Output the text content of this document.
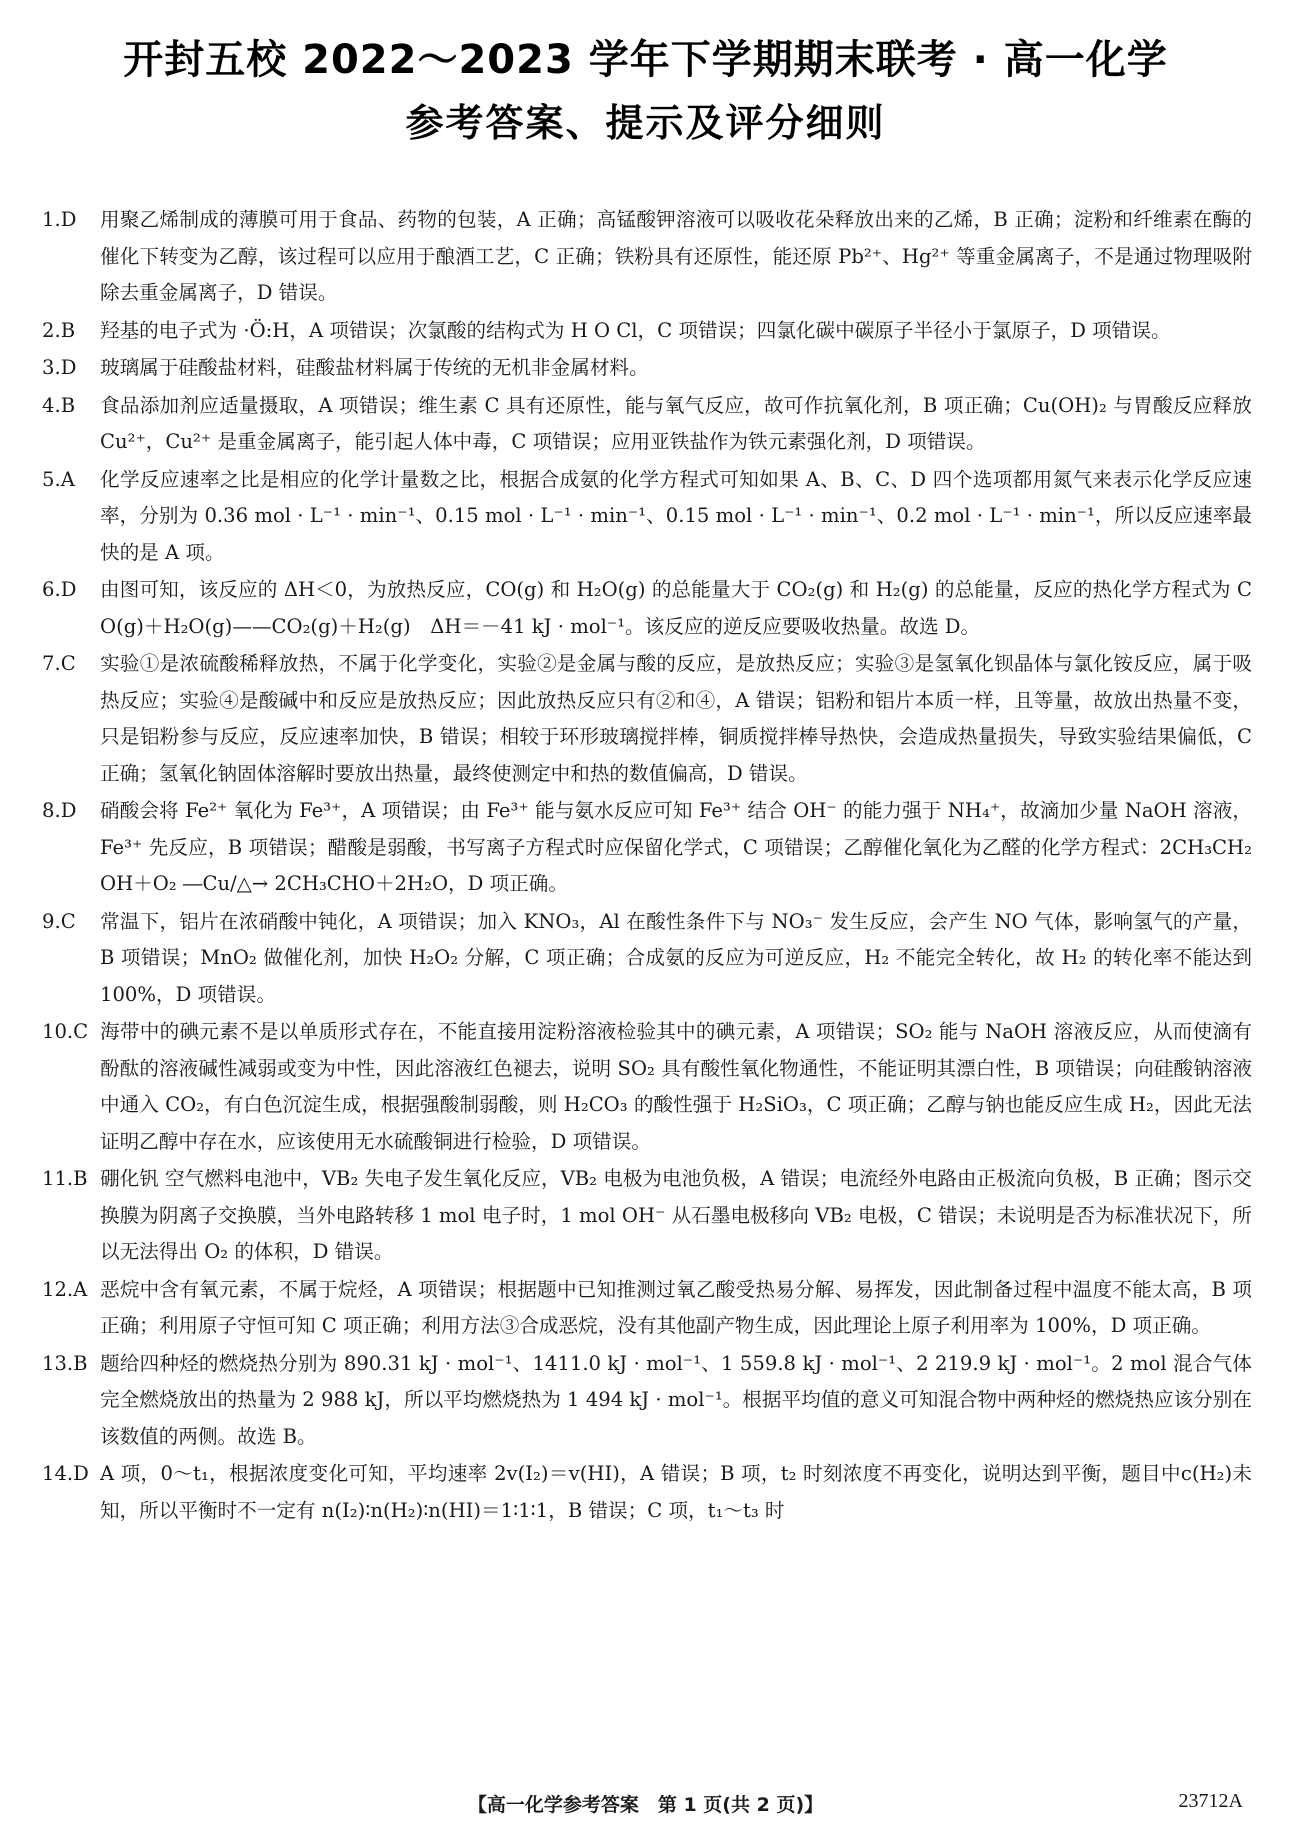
开封五校 2022～2023 学年下学期期末联考 · 高一化学
参考答案、提示及评分细则
1.D 用聚乙烯制成的薄膜可用于食品、药物的包装，A 正确；高锰酸钾溶液可以吸收花朵释放出来的乙烯，B 正确；淀粉和纤维素在酶的催化下转变为乙醇，该过程可以应用于酿酒工艺，C 正确；铁粉具有还原性，能还原 Pb²⁺、Hg²⁺ 等重金属离子，不是通过物理吸附除去重金属离子，D 错误。
2.B 羟基的电子式为 ·Ö:H，A 项错误；次氯酸的结构式为 H O Cl，C 项错误；四氯化碳中碳原子半径小于氯原子，D 项错误。
3.D 玻璃属于硅酸盐材料，硅酸盐材料属于传统的无机非金属材料。
4.B 食品添加剂应适量摄取，A 项错误；维生素 C 具有还原性，能与氧气反应，故可作抗氧化剂，B 项正确；Cu(OH)₂ 与胃酸反应释放 Cu²⁺，Cu²⁺ 是重金属离子，能引起人体中毒，C 项错误；应用亚铁盐作为铁元素强化剂，D 项错误。
5.A 化学反应速率之比是相应的化学计量数之比，根据合成氨的化学方程式可知如果 A、B、C、D 四个选项都用氮气来表示化学反应速率，分别为 0.36 mol · L⁻¹ · min⁻¹、0.15 mol · L⁻¹ · min⁻¹、0.15 mol · L⁻¹ · min⁻¹、0.2 mol · L⁻¹ · min⁻¹，所以反应速率最快的是 A 项。
6.D 由图可知，该反应的 ΔH＜0，为放热反应，CO(g) 和 H₂O(g) 的总能量大于 CO₂(g) 和 H₂(g) 的总能量，反应的热化学方程式为 CO(g)＋H₂O(g)——CO₂(g)＋H₂(g)　ΔH＝－41 kJ · mol⁻¹。该反应的逆反应要吸收热量。故选 D。
7.C 实验①是浓硫酸稀释放热，不属于化学变化，实验②是金属与酸的反应，是放热反应；实验③是氢氧化钡晶体与氯化铵反应，属于吸热反应；实验④是酸碱中和反应是放热反应；因此放热反应只有②和④，A 错误；铝粉和铝片本质一样，且等量，故放出热量不变，只是铝粉参与反应，反应速率加快，B 错误；相较于环形玻璃搅拌棒，铜质搅拌棒导热快，会造成热量损失，导致实验结果偏低，C 正确；氢氧化钠固体溶解时要放出热量，最终使测定中和热的数值偏高，D 错误。
8.D 硝酸会将 Fe²⁺ 氧化为 Fe³⁺，A 项错误；由 Fe³⁺ 能与氨水反应可知 Fe³⁺ 结合 OH⁻ 的能力强于 NH₄⁺，故滴加少量 NaOH 溶液，Fe³⁺ 先反应，B 项错误；醋酸是弱酸，书写离子方程式时应保留化学式，C 项错误；乙醇催化氧化为乙醛的化学方程式：2CH₃CH₂OH＋O₂ ―Cu/△→ 2CH₃CHO＋2H₂O，D 项正确。
9.C 常温下，铝片在浓硝酸中钝化，A 项错误；加入 KNO₃，Al 在酸性条件下与 NO₃⁻ 发生反应，会产生 NO 气体，影响氢气的产量，B 项错误；MnO₂ 做催化剂，加快 H₂O₂ 分解，C 项正确；合成氨的反应为可逆反应，H₂ 不能完全转化，故 H₂ 的转化率不能达到 100%，D 项错误。
10.C 海带中的碘元素不是以单质形式存在，不能直接用淀粉溶液检验其中的碘元素，A 项错误；SO₂ 能与 NaOH 溶液反应，从而使滴有酚酞的溶液碱性减弱或变为中性，因此溶液红色褪去，说明 SO₂ 具有酸性氧化物通性，不能证明其漂白性，B 项错误；向硅酸钠溶液中通入 CO₂，有白色沉淀生成，根据强酸制弱酸，则 H₂CO₃ 的酸性强于 H₂SiO₃，C 项正确；乙醇与钠也能反应生成 H₂，因此无法证明乙醇中存在水，应该使用无水硫酸铜进行检验，D 项错误。
11.B 硼化钒 空气燃料电池中，VB₂ 失电子发生氧化反应，VB₂ 电极为电池负极，A 错误；电流经外电路由正极流向负极，B 正确；图示交换膜为阴离子交换膜，当外电路转移 1 mol 电子时，1 mol OH⁻ 从石墨电极移向 VB₂ 电极，C 错误；未说明是否为标准状况下，所以无法得出 O₂ 的体积，D 错误。
12.A 恶烷中含有氧元素，不属于烷烃，A 项错误；根据题中已知推测过氧乙酸受热易分解、易挥发，因此制备过程中温度不能太高，B 项正确；利用原子守恒可知 C 项正确；利用方法③合成恶烷，没有其他副产物生成，因此理论上原子利用率为 100%，D 项正确。
13.B 题给四种烃的燃烧热分别为 890.31 kJ · mol⁻¹、1411.0 kJ · mol⁻¹、1 559.8 kJ · mol⁻¹、2 219.9 kJ · mol⁻¹。2 mol 混合气体完全燃烧放出的热量为 2 988 kJ，所以平均燃烧热为 1 494 kJ · mol⁻¹。根据平均值的意义可知混合物中两种烃的燃烧热应该分别在该数值的两侧。故选 B。
14.D A 项，0～t₁，根据浓度变化可知，平均速率 2v(I₂)＝v(HI)，A 错误；B 项，t₂ 时刻浓度不再变化，说明达到平衡，题目中c(H₂)未知，所以平衡时不一定有 n(I₂)∶n(H₂)∶n(HI)＝1∶1∶1，B 错误；C 项，t₁～t₃ 时
【高一化学参考答案　第 1 页(共 2 页)】	23712A
